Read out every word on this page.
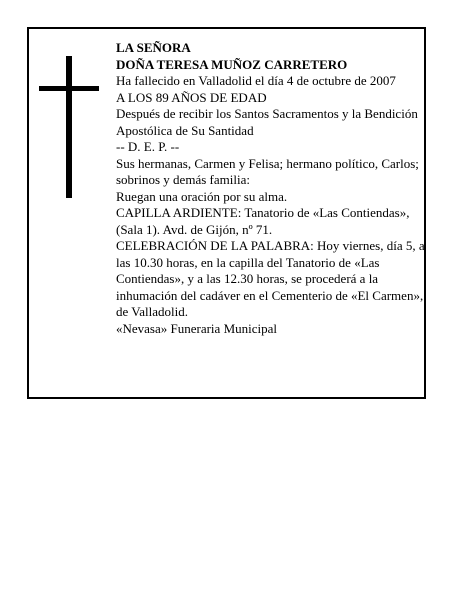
LA SEÑORA

DOÑA TERESA MUÑOZ CARRETERO

Ha fallecido en Valladolid el día 4 de octubre de 2007

A LOS 89 AÑOS DE EDAD

Después de recibir los Santos Sacramentos y la Bendición Apostólica de Su Santidad

-- D. E. P. --

Sus hermanas, Carmen y Felisa; hermano político, Carlos; sobrinos y demás familia:

Ruegan una oración por su alma.

CAPILLA ARDIENTE: Tanatorio de «Las Contiendas», (Sala 1). Avd. de Gijón, nº 71.

CELEBRACIÓN DE LA PALABRA: Hoy viernes, día 5, a las 10.30 horas, en la capilla del Tanatorio de «Las Contiendas», y a las 12.30 horas, se procederá a la inhumación del cadáver en el Cementerio de «El Carmen», de Valladolid.

«Nevasa» Funeraria Municipal
